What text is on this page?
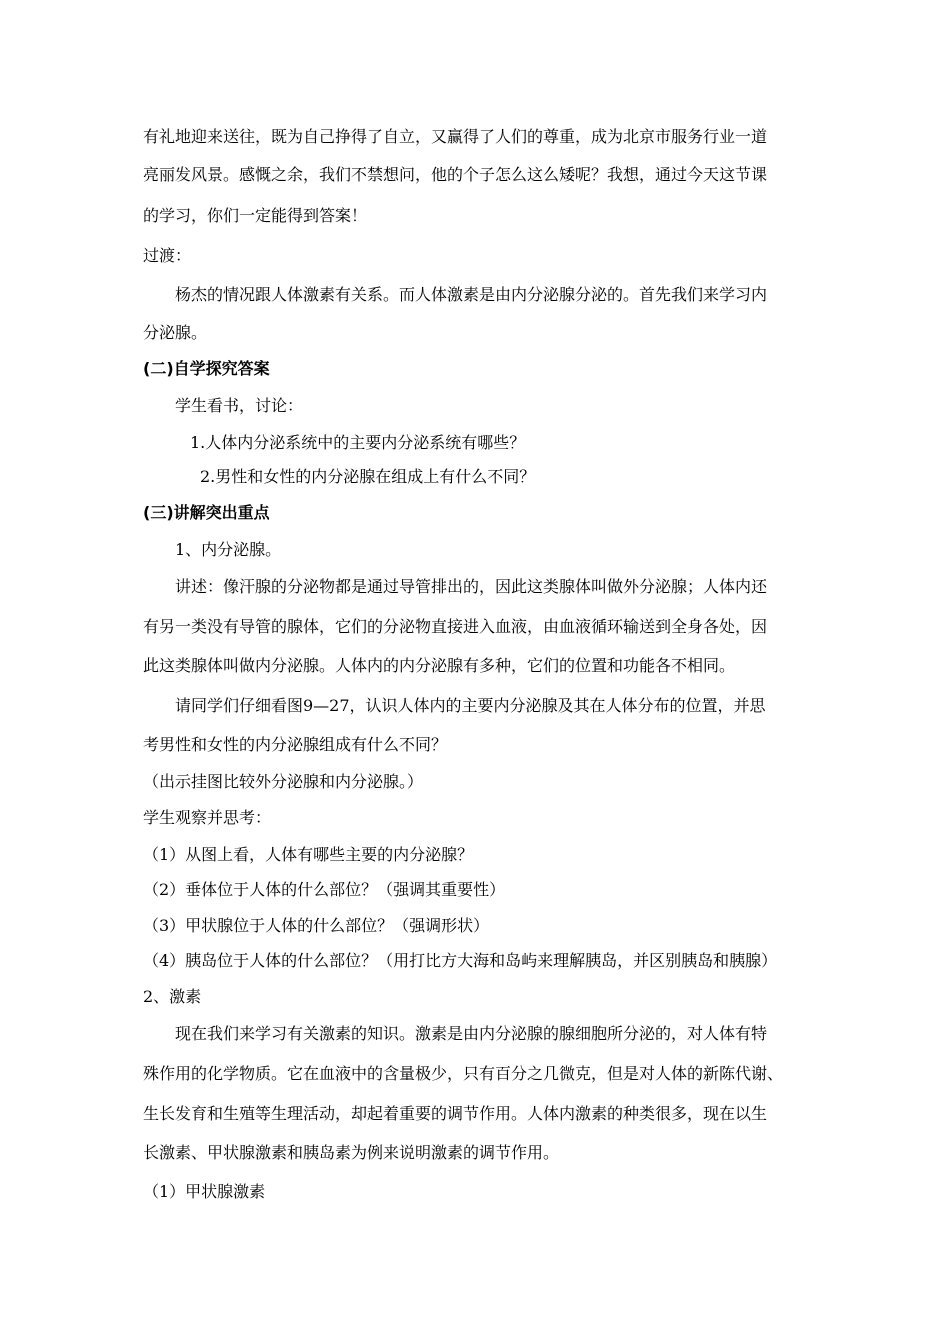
有礼地迎来送往，既为自己挣得了自立，又赢得了人们的尊重，成为北京市服务行业一道
亮丽发风景。感慨之余，我们不禁想问，他的个子怎么这么矮呢？我想，通过今天这节课
的学习，你们一定能得到答案！
过渡：
杨杰的情况跟人体激素有关系。而人体激素是由内分泌腺分泌的。首先我们来学习内
分泌腺。
(二)自学探究答案
学生看书，讨论：
1.人体内分泌系统中的主要内分泌系统有哪些？
2.男性和女性的内分泌腺在组成上有什么不同？
(三)讲解突出重点
1、内分泌腺。
讲述：像汗腺的分泌物都是通过导管排出的，因此这类腺体叫做外分泌腺；人体内还
有另一类没有导管的腺体，它们的分泌物直接进入血液，由血液循环输送到全身各处，因
此这类腺体叫做内分泌腺。人体内的内分泌腺有多种，它们的位置和功能各不相同。
请同学们仔细看图9—27，认识人体内的主要内分泌腺及其在人体分布的位置，并思
考男性和女性的内分泌腺组成有什么不同？
（出示挂图比较外分泌腺和内分泌腺。）
学生观察并思考：
（1）从图上看，人体有哪些主要的内分泌腺？
（2）垂体位于人体的什么部位？（强调其重要性）
（3）甲状腺位于人体的什么部位？（强调形状）
（4）胰岛位于人体的什么部位？（用打比方大海和岛屿来理解胰岛，并区别胰岛和胰腺）
2、激素
现在我们来学习有关激素的知识。激素是由内分泌腺的腺细胞所分泌的，对人体有特
殊作用的化学物质。它在血液中的含量极少，只有百分之几微克，但是对人体的新陈代谢、
生长发育和生殖等生理活动，却起着重要的调节作用。人体内激素的种类很多，现在以生
长激素、甲状腺激素和胰岛素为例来说明激素的调节作用。
（1）甲状腺激素
